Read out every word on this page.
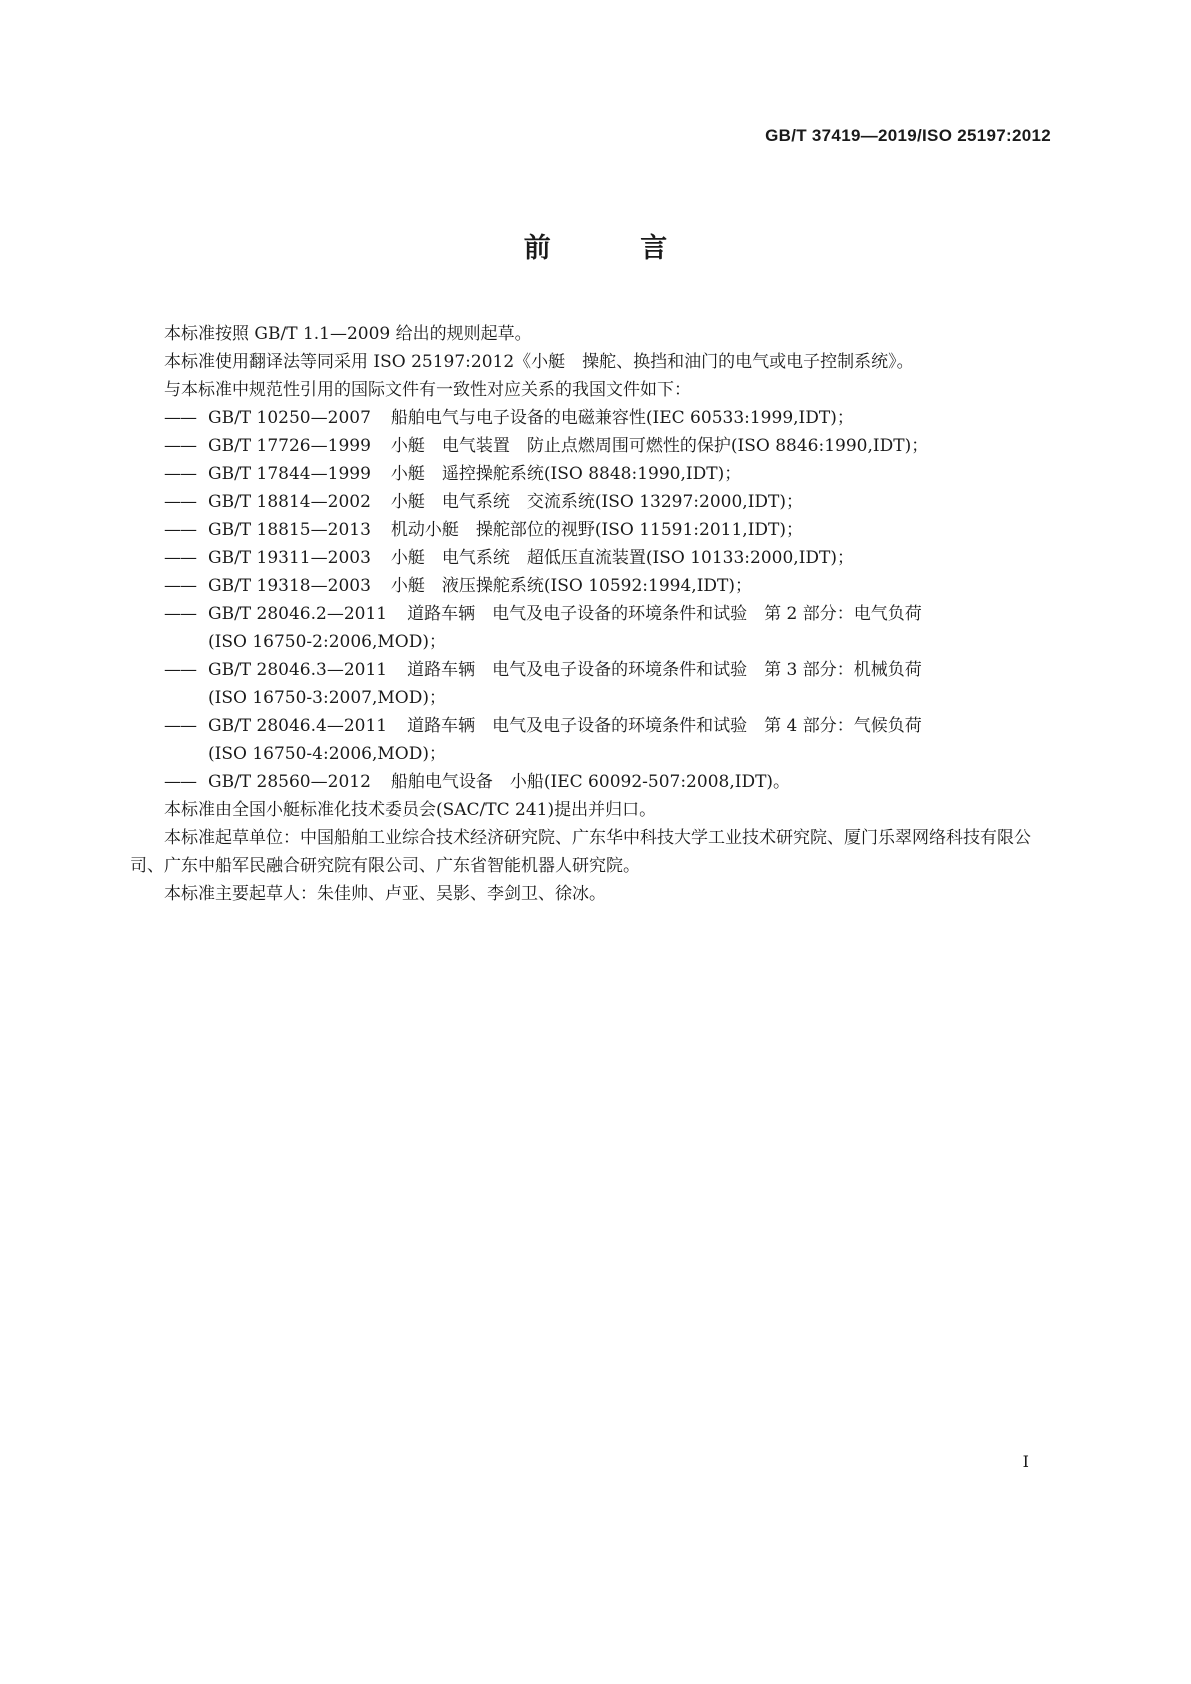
GB/T 37419—2019/ISO 25197:2012
前 言

本标准按照 GB/T 1.1—2009 给出的规则起草。

本标准使用翻译法等同采用 ISO 25197:2012《小艇　操舵、换挡和油门的电气或电子控制系统》。

与本标准中规范性引用的国际文件有一致性对应关系的我国文件如下：

—— GB/T 10250—2007 船舶电气与电子设备的电磁兼容性(IEC 60533:1999,IDT)；
—— GB/T 17726—1999 小艇　电气装置　防止点燃周围可燃性的保护(ISO 8846:1990,IDT)；
—— GB/T 17844—1999 小艇　遥控操舵系统(ISO 8848:1990,IDT)；
—— GB/T 18814—2002 小艇　电气系统　交流系统(ISO 13297:2000,IDT)；
—— GB/T 18815—2013 机动小艇　操舵部位的视野(ISO 11591:2011,IDT)；
—— GB/T 19311—2003 小艇　电气系统　超低压直流装置(ISO 10133:2000,IDT)；
—— GB/T 19318—2003 小艇　液压操舵系统(ISO 10592:1994,IDT)；
—— GB/T 28046.2—2011 道路车辆　电气及电子设备的环境条件和试验　第 2 部分：电气负荷
(ISO 16750-2:2006,MOD)；
—— GB/T 28046.3—2011 道路车辆　电气及电子设备的环境条件和试验　第 3 部分：机械负荷
(ISO 16750-3:2007,MOD)；
—— GB/T 28046.4—2011 道路车辆　电气及电子设备的环境条件和试验　第 4 部分：气候负荷
(ISO 16750-4:2006,MOD)；
—— GB/T 28560—2012 船舶电气设备　小船(IEC 60092-507:2008,IDT)。

本标准由全国小艇标准化技术委员会(SAC/TC 241)提出并归口。

本标准起草单位：中国船舶工业综合技术经济研究院、广东华中科技大学工业技术研究院、厦门乐翠网络科技有限公司、广东中船军民融合研究院有限公司、广东省智能机器人研究院。

本标准主要起草人：朱佳帅、卢亚、吴影、李剑卫、徐冰。

I
